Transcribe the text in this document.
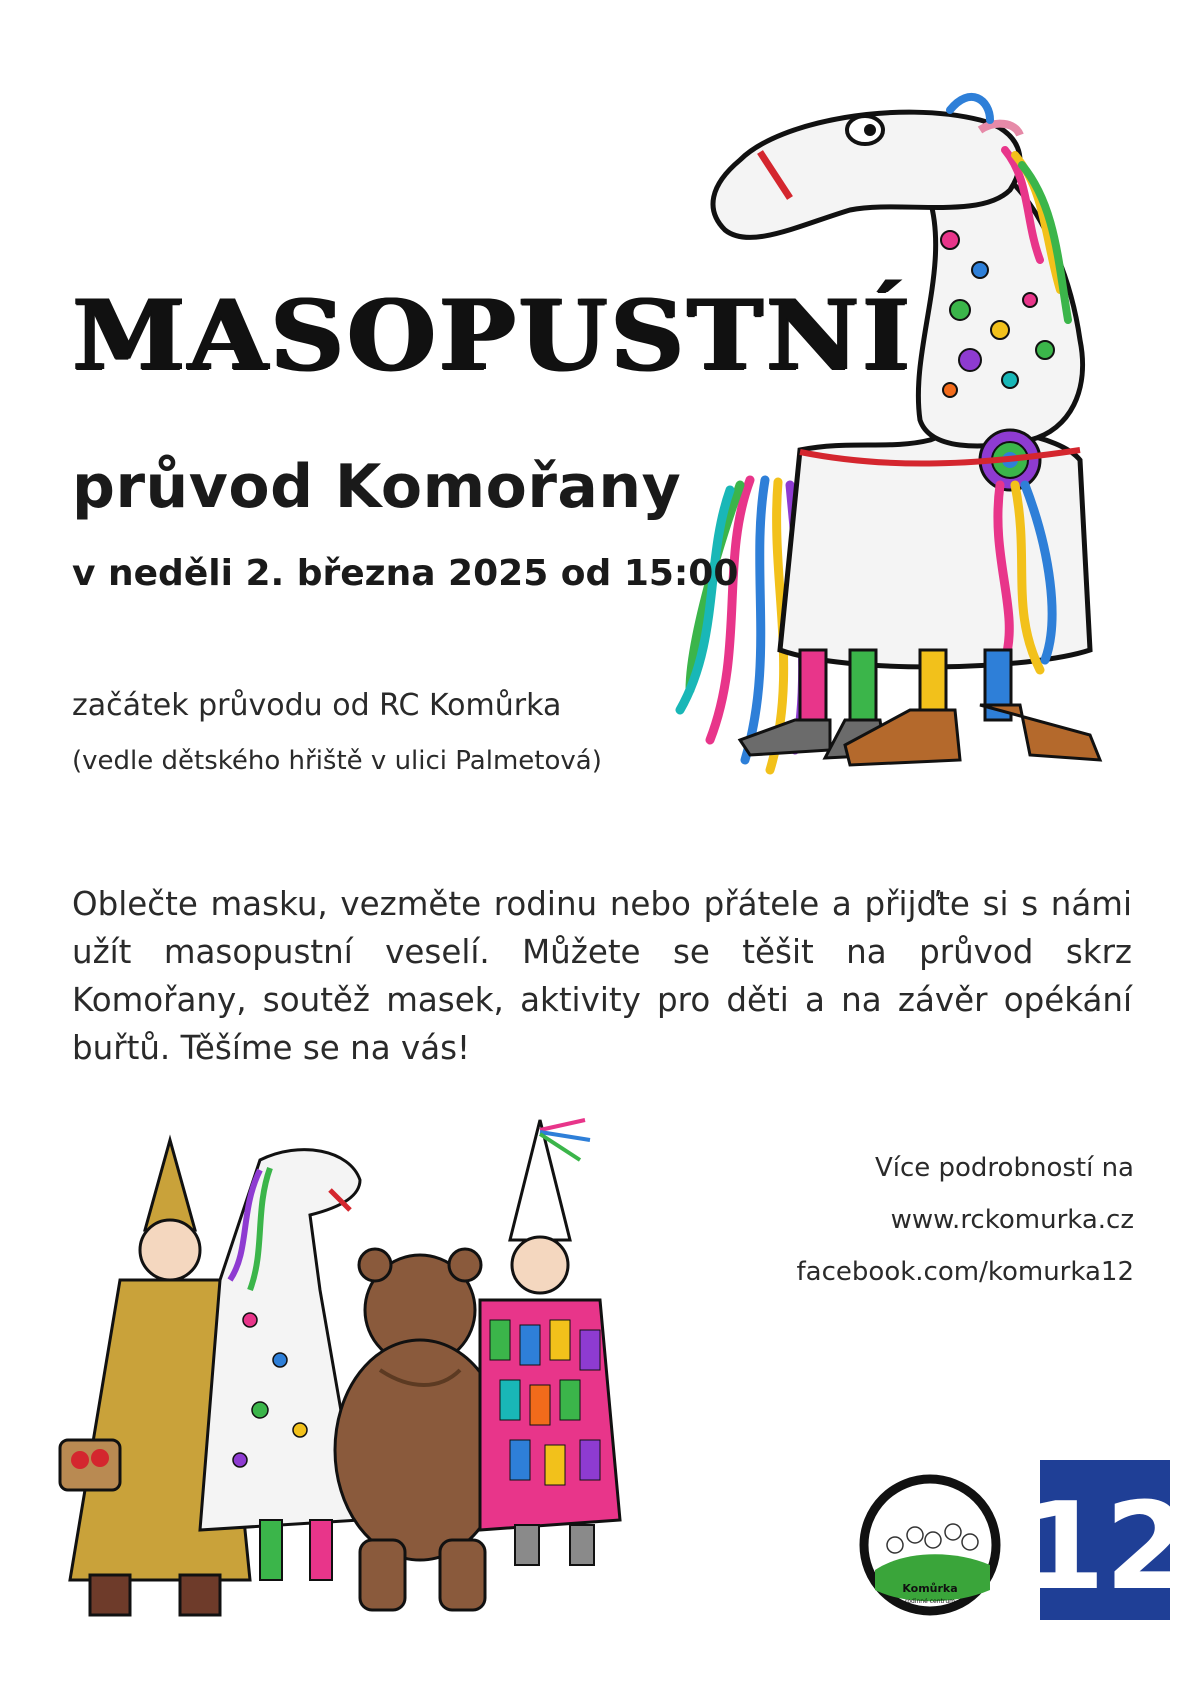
MASOPUSTNÍ
průvod Komořany
v neděli 2. března 2025 od 15:00
začátek průvodu od RC Komůrka
(vedle dětského hřiště v ulici Palmetová)

Oblečte masku, vezměte rodinu nebo přátele a přijďte si s námi užít masopustní veselí. Můžete se těšit na průvod skrz Komořany, soutěž masek, aktivity pro děti a na závěr opékání buřtů. Těšíme se na vás!

Více podrobností na
www.rckomurka.cz
facebook.com/komurka12
Komůrka
rodinné centrum 12
